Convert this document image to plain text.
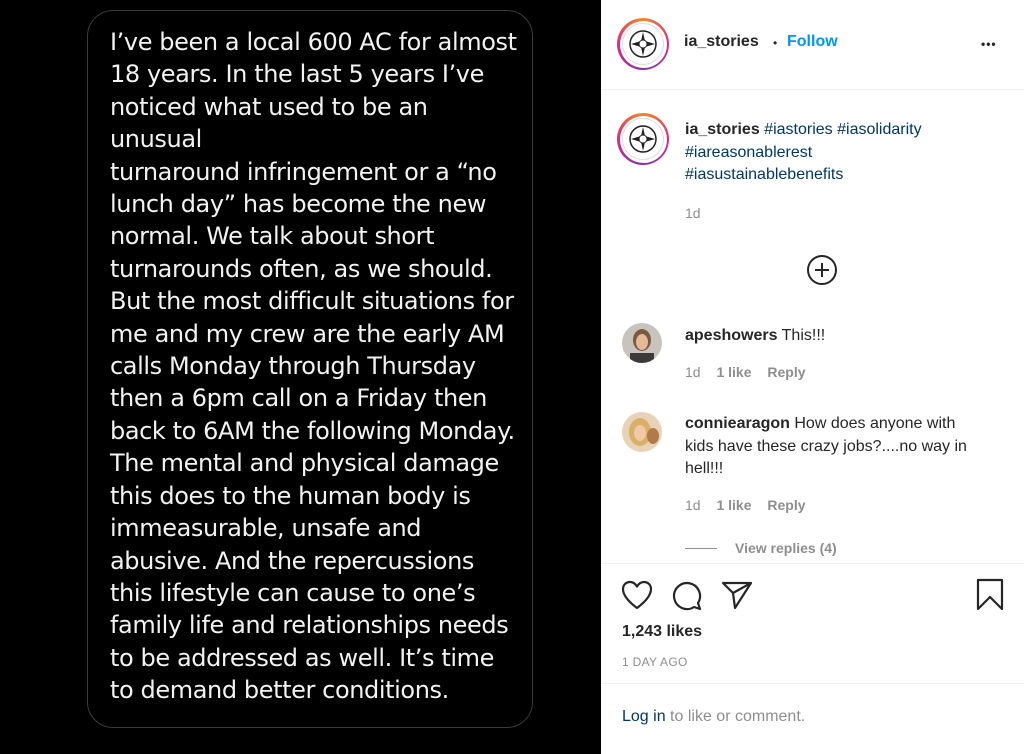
I’ve been a local 600 AC for almost
18 years. In the last 5 years I’ve
noticed what used to be an
unusual
turnaround infringement or a “no
lunch day” has become the new
normal. We talk about short
turnarounds often, as we should.
But the most difficult situations for
me and my crew are the early AM
calls Monday through Thursday
then a 6pm call on a Friday then
back to 6AM the following Monday.
The mental and physical damage
this does to the human body is
immeasurable, unsafe and
abusive. And the repercussions
this lifestyle can cause to one’s
family life and relationships needs
to be addressed as well. It’s time
to demand better conditions.
ia_stories • Follow	•••
ia_stories #iastories #iasolidarity
#iareasonablerest
#iasustainablebenefits
1d
apeshowers This!!!
1d 1 like Reply
conniearagon How does anyone with
kids have these crazy jobs?....no way in
hell!!!
1d 1 like Reply
View replies (4)
1,243 likes
1 DAY AGO
Log in to like or comment.
